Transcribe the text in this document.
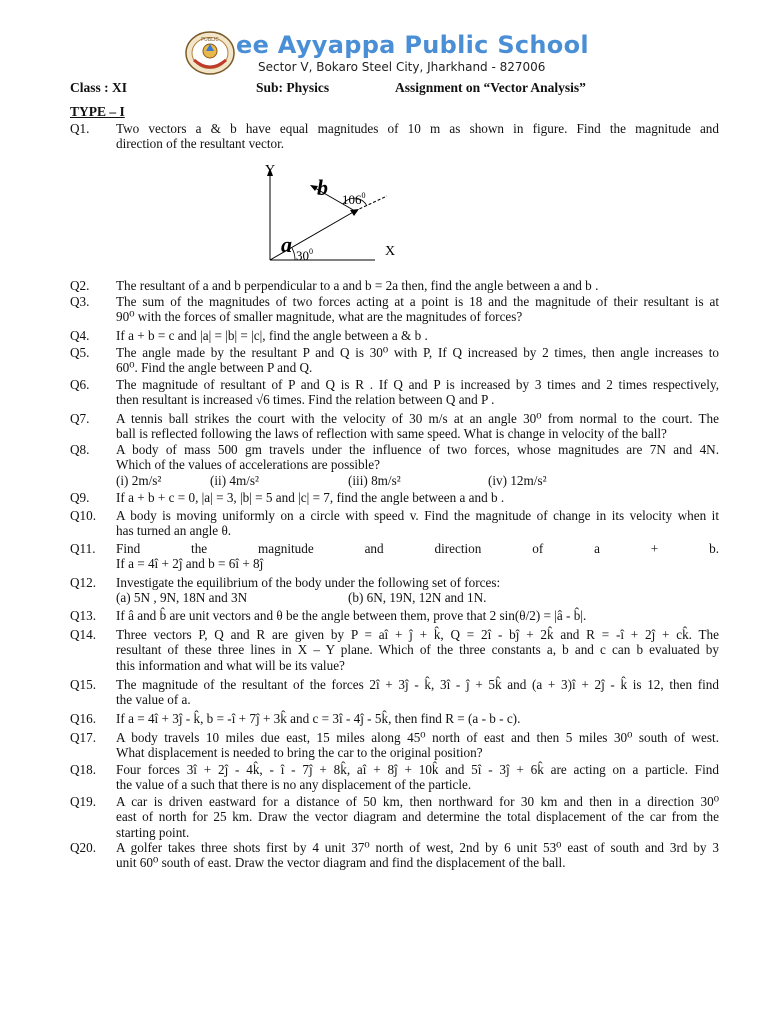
PUBLIC ee Ayyappa Public School
Sector V, Bokaro Steel City, Jharkhand - 827006
Class : XI	Sub: Physics	Assignment on “Vector Analysis”
TYPE – I
Y
X
a
b
$30^0$
$106^0$
Q1. Two vectors a & b have equal magnitudes of 10 m as shown in figure. Find the magnitude and
direction of the resultant vector.
Q2. The resultant of a and b perpendicular to a and b = 2a then, find the angle between a and b .
Q3. The sum of the magnitudes of two forces acting at a point is 18 and the magnitude of their resultant is at
90⁰ with the forces of smaller magnitude, what are the magnitudes of forces?
Q4. If a + b = c and |a| = |b| = |c|, find the angle between a & b .
Q5. The angle made by the resultant P and Q is 30⁰ with P, If Q increased by 2 times, then angle increases to
60⁰. Find the angle between P and Q.
Q6. The magnitude of resultant of P and Q is R . If Q and P is increased by 3 times and 2 times respectively,
then resultant is increased √6 times. Find the relation between Q and P .
Q7. A tennis ball strikes the court with the velocity of 30 m/s at an angle 30⁰ from normal to the court. The
ball is reflected following the laws of reflection with same speed. What is change in velocity of the ball?
Q8. A body of mass 500 gm travels under the influence of two forces, whose magnitudes are 7N and 4N.
Which of the values of accelerations are possible?
(i) 2m/s²	(ii) 4m/s²	(iii) 8m/s²	(iv) 12m/s²
Q9. If a + b + c = 0, |a| = 3, |b| = 5 and |c| = 7, find the angle between a and b .
Q10. A body is moving uniformly on a circle with speed v. Find the magnitude of change in its velocity when it
has turned an angle θ.
Q11. Find the magnitude and direction of a + b.
If a = 4î + 2ĵ and b = 6î + 8ĵ
Q12. Investigate the equilibrium of the body under the following set of forces:
(a) 5N , 9N, 18N and 3N	(b) 6N, 19N, 12N and 1N.
Q13. If â and b̂ are unit vectors and θ be the angle between them, prove that 2 sin(θ/2) = |â - b̂|.
Q14. Three vectors P, Q and R are given by P = aî + ĵ + k̂, Q = 2î - bĵ + 2k̂ and R = -î + 2ĵ + ck̂. The
resultant of these three lines in X – Y plane. Which of the three constants a, b and c can b evaluated by
this information and what will be its value?
Q15. The magnitude of the resultant of the forces 2î + 3ĵ - k̂, 3î - ĵ + 5k̂ and (a + 3)î + 2ĵ - k̂ is 12, then find
the value of a.
Q16. If a = 4î + 3ĵ - k̂, b = -î + 7ĵ + 3k̂ and c = 3î - 4ĵ - 5k̂, then find R = (a - b - c).
Q17. A body travels 10 miles due east, 15 miles along 45⁰ north of east and then 5 miles 30⁰ south of west.
What displacement is needed to bring the car to the original position?
Q18. Four forces 3î + 2ĵ - 4k̂, - î - 7ĵ + 8k̂, aî + 8ĵ + 10k̂ and 5î - 3ĵ + 6k̂ are acting on a particle. Find
the value of a such that there is no any displacement of the particle.
Q19. A car is driven eastward for a distance of 50 km, then northward for 30 km and then in a direction 30⁰
east of north for 25 km. Draw the vector diagram and determine the total displacement of the car from the
starting point.
Q20. A golfer takes three shots first by 4 unit 37⁰ north of west, 2nd by 6 unit 53⁰ east of south and 3rd by 3
unit 60⁰ south of east. Draw the vector diagram and find the displacement of the ball.
